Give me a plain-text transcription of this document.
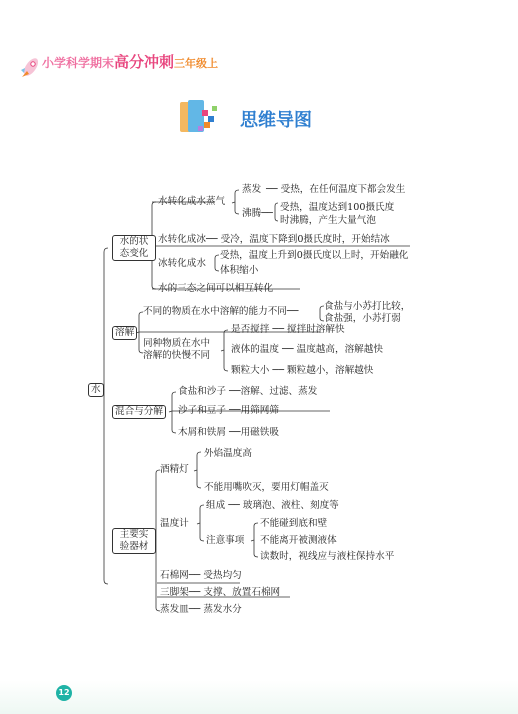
小学科学期末高分冲刺三年级上
思维导图
水
水的状态变化
水转化成水蒸气
蒸发 ── 受热，在任何温度下都会发生
沸腾──
受热，温度达到100摄氏度
时沸腾，产生大量气泡
水转化成冰── 受冷，温度下降到0摄氏度时，开始结冰
冰转化成水
受热，温度上升到0摄氏度以上时，开始融化
体积缩小
水的三态之间可以相互转化
溶解
不同的物质在水中溶解的能力不同──	食盐与小苏打比较，
食盐强，小苏打弱
同种物质在水中
溶解的快慢不同
是否搅拌 ── 搅拌时溶解快
液体的温度 ── 温度越高，溶解越快
颗粒大小 ── 颗粒越小，溶解越快
混合与分解
食盐和沙子 ──溶解、过滤、蒸发
沙子和豆子 ──用筛网筛
木屑和铁屑 ──用磁铁吸
主要实验器材
酒精灯
外焰温度高
不能用嘴吹灭，要用灯帽盖灭
温度计
组成 ── 玻璃泡、液柱、刻度等
注意事项
不能碰到底和壁
不能离开被测液体
读数时，视线应与液柱保持水平
石棉网── 受热均匀
三脚架── 支撑、放置石棉网
蒸发皿── 蒸发水分
12
